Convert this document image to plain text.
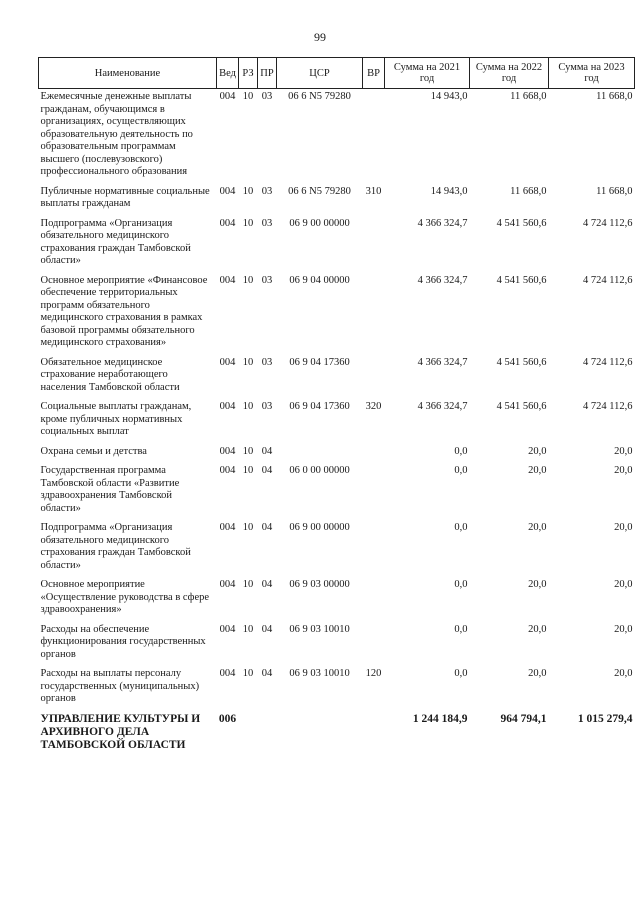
99
Наименование	Вед	РЗ	ПР	ЦСР	ВР	Сумма на 2021 год	Сумма на 2022 год	Сумма на 2023 год
Ежемесячные денежные выплаты гражданам, обучающимся в организациях, осуществляющих образовательную деятельность по образовательным программам высшего (послевузовского) профессионального образования	004	10	03	06 6 N5 79280		14 943,0	11 668,0	11 668,0
Публичные нормативные социальные выплаты гражданам	004	10	03	06 6 N5 79280	310	14 943,0	11 668,0	11 668,0
Подпрограмма «Организация обязательного медицинского страхования граждан Тамбовской области»	004	10	03	06 9 00 00000		4 366 324,7	4 541 560,6	4 724 112,6
Основное мероприятие «Финансовое обеспечение территориальных программ обязательного медицинского страхования в рамках базовой программы обязательного медицинского страхования»	004	10	03	06 9 04 00000		4 366 324,7	4 541 560,6	4 724 112,6
Обязательное медицинское страхование неработающего населения Тамбовской области	004	10	03	06 9 04 17360		4 366 324,7	4 541 560,6	4 724 112,6
Социальные выплаты гражданам, кроме публичных нормативных социальных выплат	004	10	03	06 9 04 17360	320	4 366 324,7	4 541 560,6	4 724 112,6
Охрана семьи и детства	004	10	04			0,0	20,0	20,0
Государственная программа Тамбовской области «Развитие здравоохранения Тамбовской области»	004	10	04	06 0 00 00000		0,0	20,0	20,0
Подпрограмма «Организация обязательного медицинского страхования граждан Тамбовской области»	004	10	04	06 9 00 00000		0,0	20,0	20,0
Основное мероприятие «Осуществление руководства в сфере здравоохранения»	004	10	04	06 9 03 00000		0,0	20,0	20,0
Расходы на обеспечение функционирования государственных органов	004	10	04	06 9 03 10010		0,0	20,0	20,0
Расходы на выплаты персоналу государственных (муниципальных) органов	004	10	04	06 9 03 10010	120	0,0	20,0	20,0
УПРАВЛЕНИЕ КУЛЬТУРЫ И АРХИВНОГО ДЕЛА ТАМБОВСКОЙ ОБЛАСТИ	006					1 244 184,9	964 794,1	1 015 279,4
